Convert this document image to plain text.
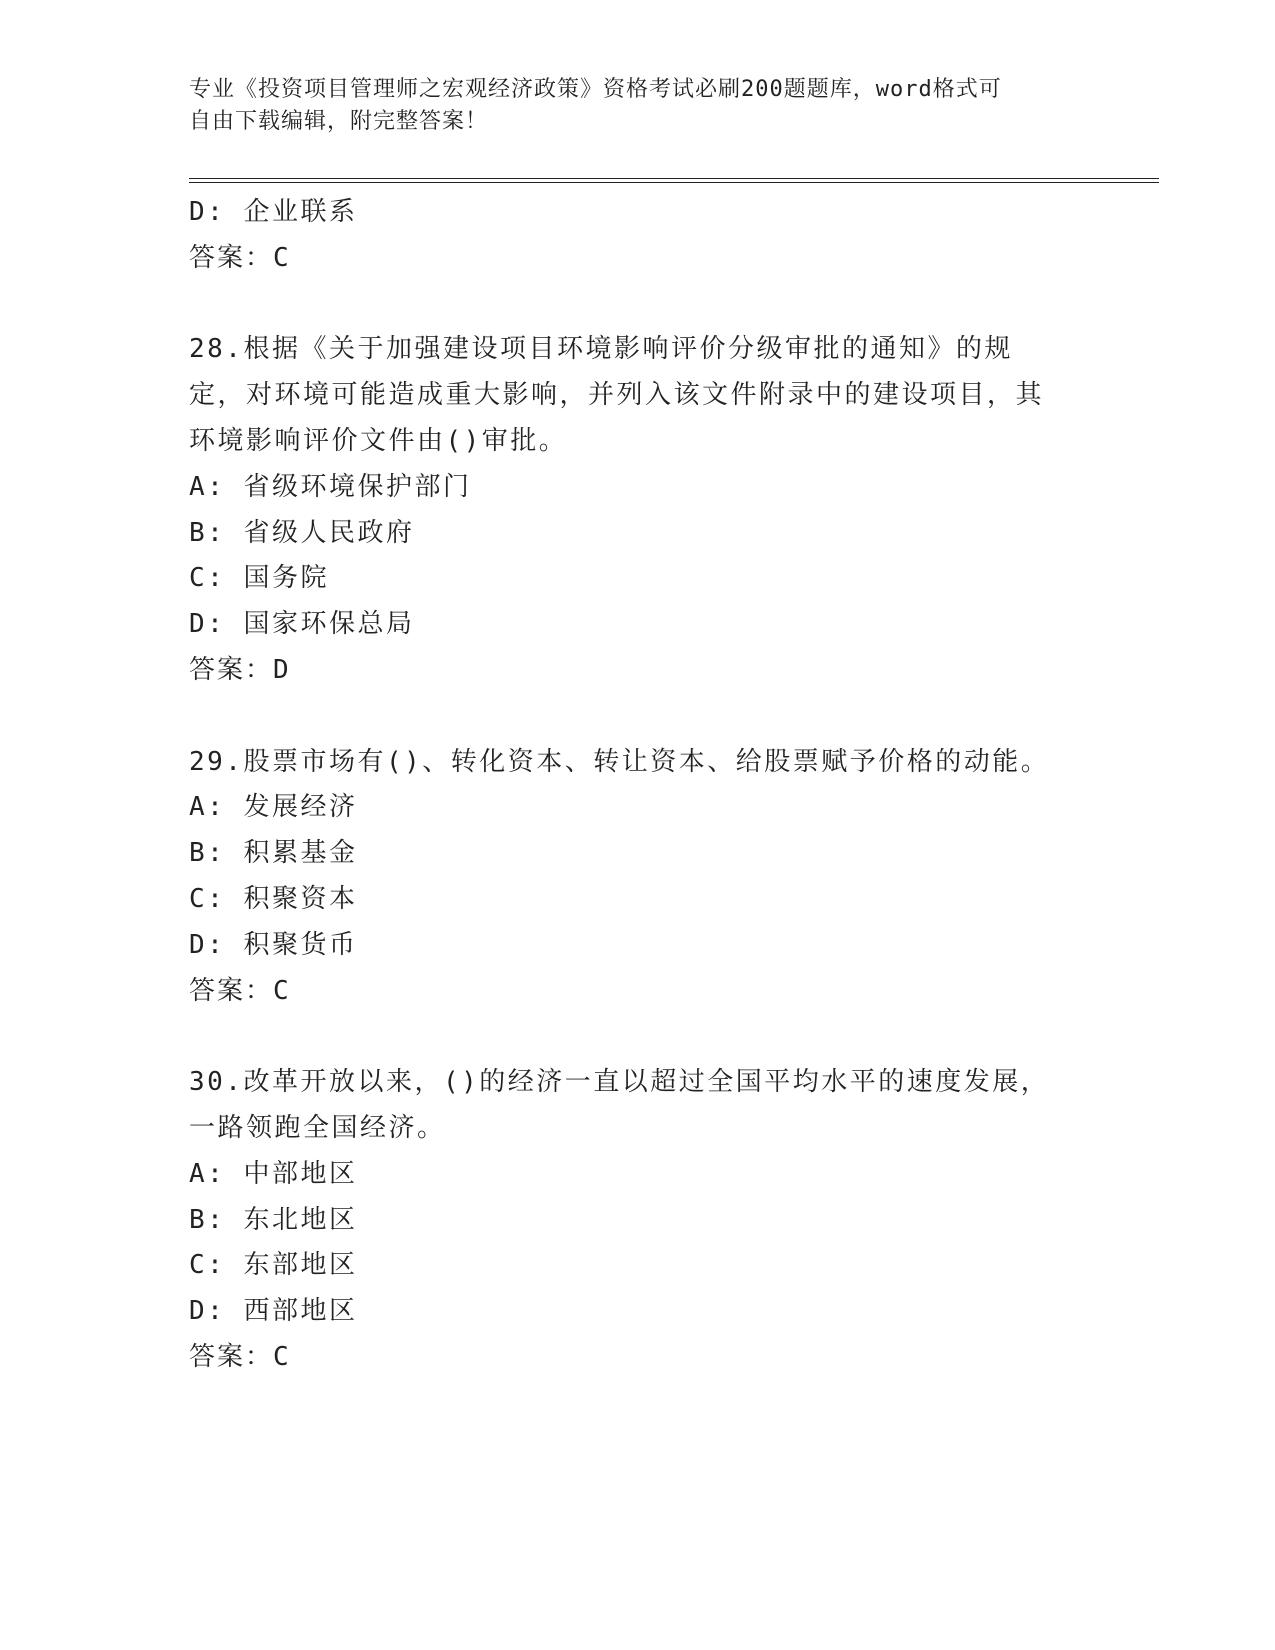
专业《投资项目管理师之宏观经济政策》资格考试必刷200题题库，word格式可
自由下载编辑，附完整答案！
D: 企业联系
答案：C
28.根据《关于加强建设项目环境影响评价分级审批的通知》的规定，对环境可能造成重大影响，并列入该文件附录中的建设项目，其环境影响评价文件由()审批。
A: 省级环境保护部门
B: 省级人民政府
C: 国务院
D: 国家环保总局
答案：D
29.股票市场有()、转化资本、转让资本、给股票赋予价格的动能。
A: 发展经济
B: 积累基金
C: 积聚资本
D: 积聚货币
答案：C
30.改革开放以来，()的经济一直以超过全国平均水平的速度发展，一路领跑全国经济。
A: 中部地区
B: 东北地区
C: 东部地区
D: 西部地区
答案：C
